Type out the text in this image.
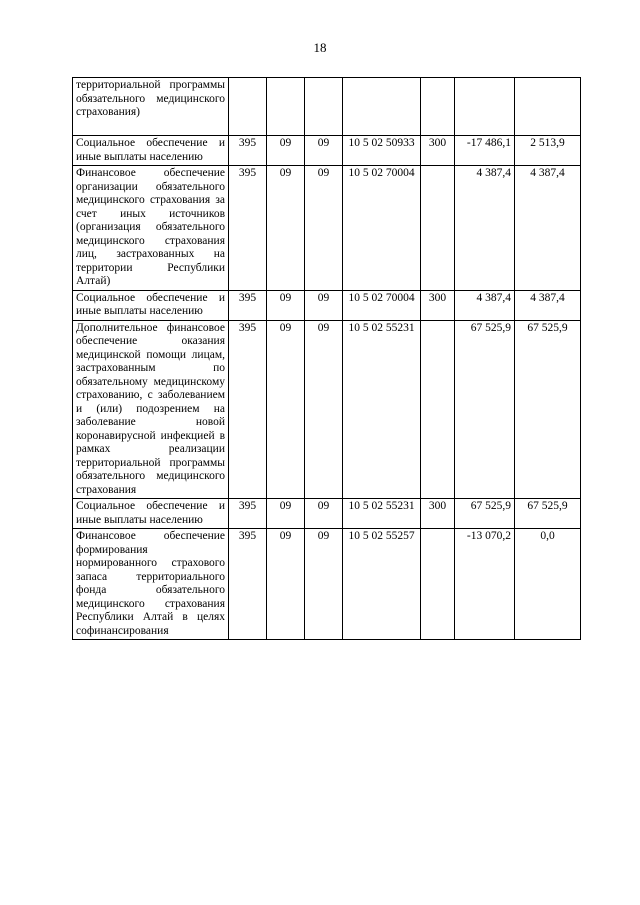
18
территориальной программы обязательного медицинского страхования)							
Социальное обеспечение и иные выплаты населению	395	09	09	10 5 02 50933	300	-17 486,1	2 513,9
Финансовое обеспечение организации обязательного медицинского страхования за счет иных источников (организация обязательного медицинского страхования лиц, застрахованных на территории Республики Алтай)	395	09	09	10 5 02 70004		4 387,4	4 387,4
Социальное обеспечение и иные выплаты населению	395	09	09	10 5 02 70004	300	4 387,4	4 387,4
Дополнительное финансовое обеспечение оказания медицинской помощи лицам, застрахованным по обязательному медицинскому страхованию, с заболеванием и (или) подозрением на заболевание новой коронавирусной инфекцией в рамках реализации территориальной программы обязательного медицинского страхования	395	09	09	10 5 02 55231		67 525,9	67 525,9
Социальное обеспечение и иные выплаты населению	395	09	09	10 5 02 55231	300	67 525,9	67 525,9
Финансовое обеспечение формирования нормированного страхового запаса территориального фонда обязательного медицинского страхования Республики Алтай в целях софинансирования	395	09	09	10 5 02 55257		-13 070,2	0,0
